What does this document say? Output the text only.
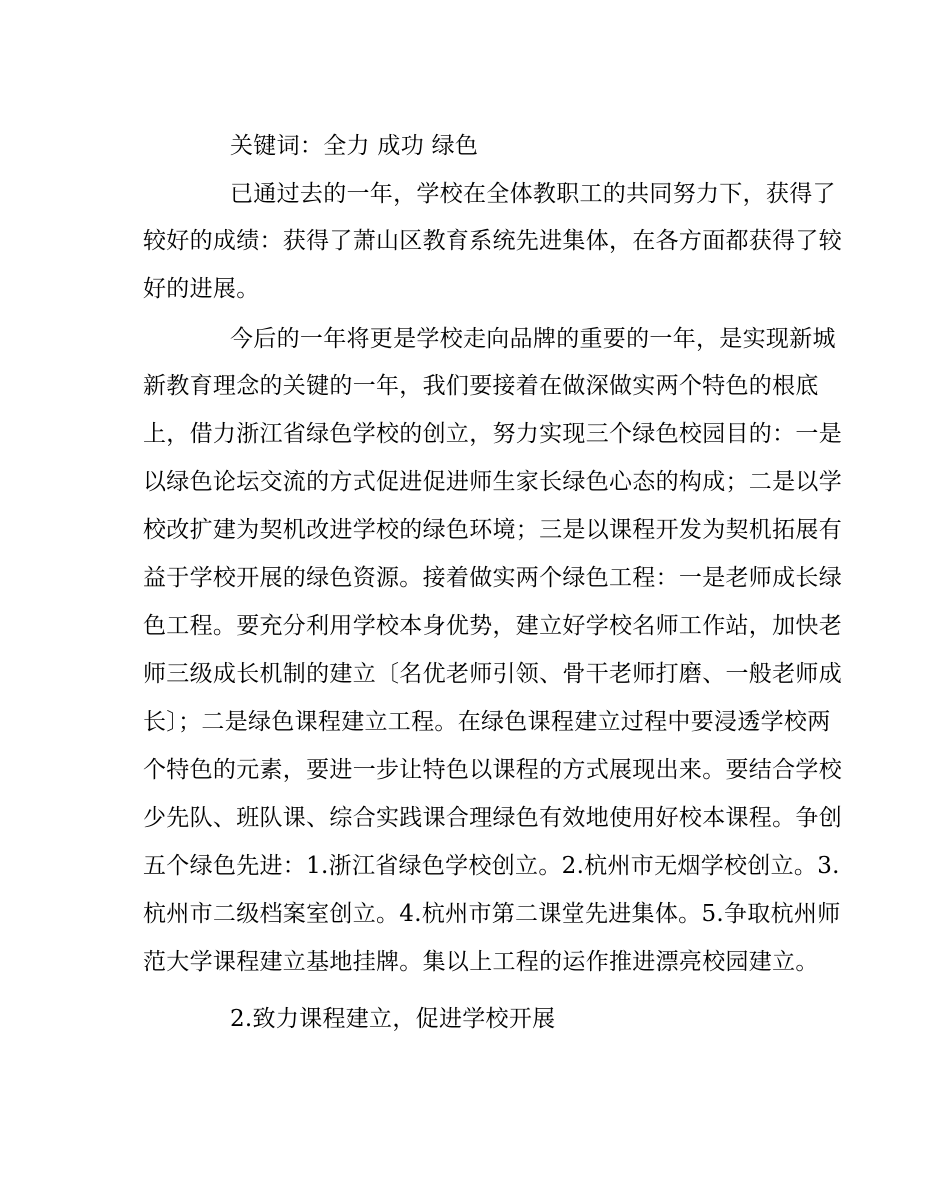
关键词：全力 成功 绿色
已通过去的一年，学校在全体教职工的共同努力下，获得了
较好的成绩：获得了萧山区教育系统先进集体，在各方面都获得了较
好的进展。
今后的一年将更是学校走向品牌的重要的一年，是实现新城
新教育理念的关键的一年，我们要接着在做深做实两个特色的根底
上，借力浙江省绿色学校的创立，努力实现三个绿色校园目的：一是
以绿色论坛交流的方式促进促进师生家长绿色心态的构成；二是以学
校改扩建为契机改进学校的绿色环境；三是以课程开发为契机拓展有
益于学校开展的绿色资源。接着做实两个绿色工程：一是老师成长绿
色工程。要充分利用学校本身优势，建立好学校名师工作站，加快老
师三级成长机制的建立〔名优老师引领、骨干老师打磨、一般老师成
长〕；二是绿色课程建立工程。在绿色课程建立过程中要浸透学校两
个特色的元素，要进一步让特色以课程的方式展现出来。要结合学校
少先队、班队课、综合实践课合理绿色有效地使用好校本课程。争创
五个绿色先进：1.浙江省绿色学校创立。2.杭州市无烟学校创立。3.
杭州市二级档案室创立。4.杭州市第二课堂先进集体。5.争取杭州师
范大学课程建立基地挂牌。集以上工程的运作推进漂亮校园建立。
2.致力课程建立，促进学校开展
